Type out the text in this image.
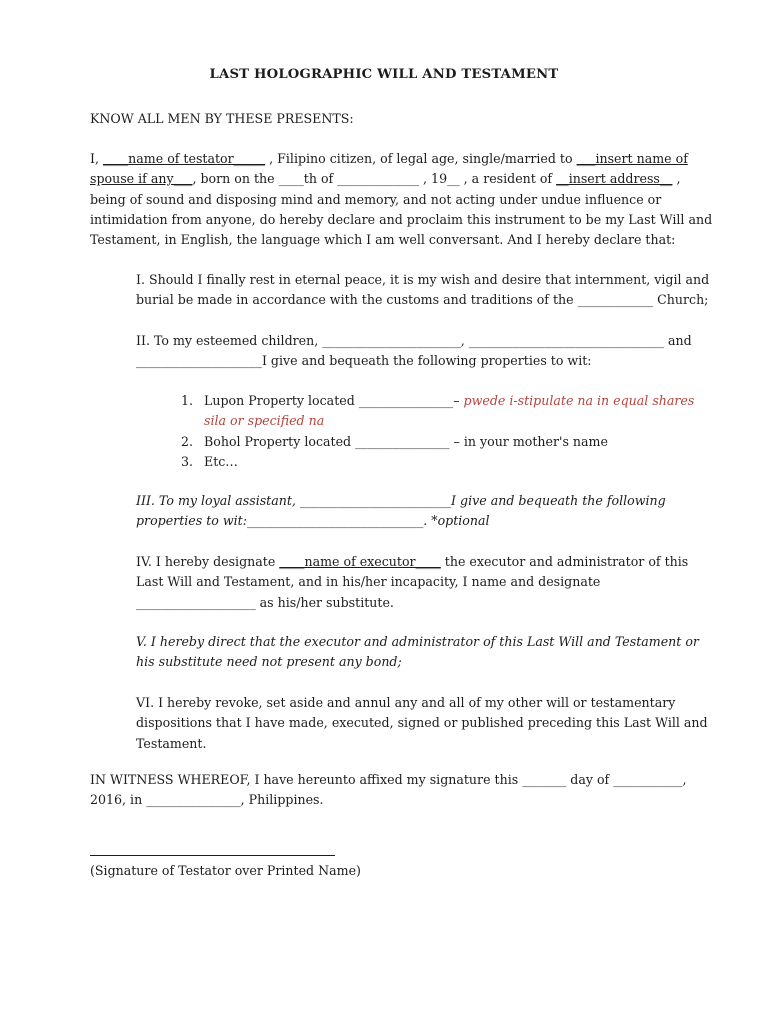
LAST HOLOGRAPHIC WILL AND TESTAMENT
KNOW ALL MEN BY THESE PRESENTS:
I, ____name of testator_____ , Filipino citizen, of legal age, single/married to ___insert name of spouse if any___, born on the ____th of _____________ , 19__ , a resident of __insert address__ , being of sound and disposing mind and memory, and not acting under undue influence or intimidation from anyone, do hereby declare and proclaim this instrument to be my Last Will and Testament, in English, the language which I am well conversant. And I hereby declare that:
I. Should I finally rest in eternal peace, it is my wish and desire that internment, vigil and burial be made in accordance with the customs and traditions of the ____________ Church;
II. To my esteemed children, ______________________, _______________________________ and ____________________I give and bequeath the following properties to wit:
1. Lupon Property located _______________– pwede i-stipulate na in equal shares sila or specified na
2. Bohol Property located _______________ – in your mother's name
3. Etc…
III. To my loyal assistant, ________________________I give and bequeath the following properties to wit:____________________________. *optional
IV. I hereby designate ____name of executor____ the executor and administrator of this Last Will and Testament, and in his/her incapacity, I name and designate ___________________ as his/her substitute.
V. I hereby direct that the executor and administrator of this Last Will and Testament or his substitute need not present any bond;
VI. I hereby revoke, set aside and annul any and all of my other will or testamentary dispositions that I have made, executed, signed or published preceding this Last Will and Testament.
IN WITNESS WHEREOF, I have hereunto affixed my signature this _______ day of ___________, 2016, in _______________, Philippines.
(Signature of Testator over Printed Name)
